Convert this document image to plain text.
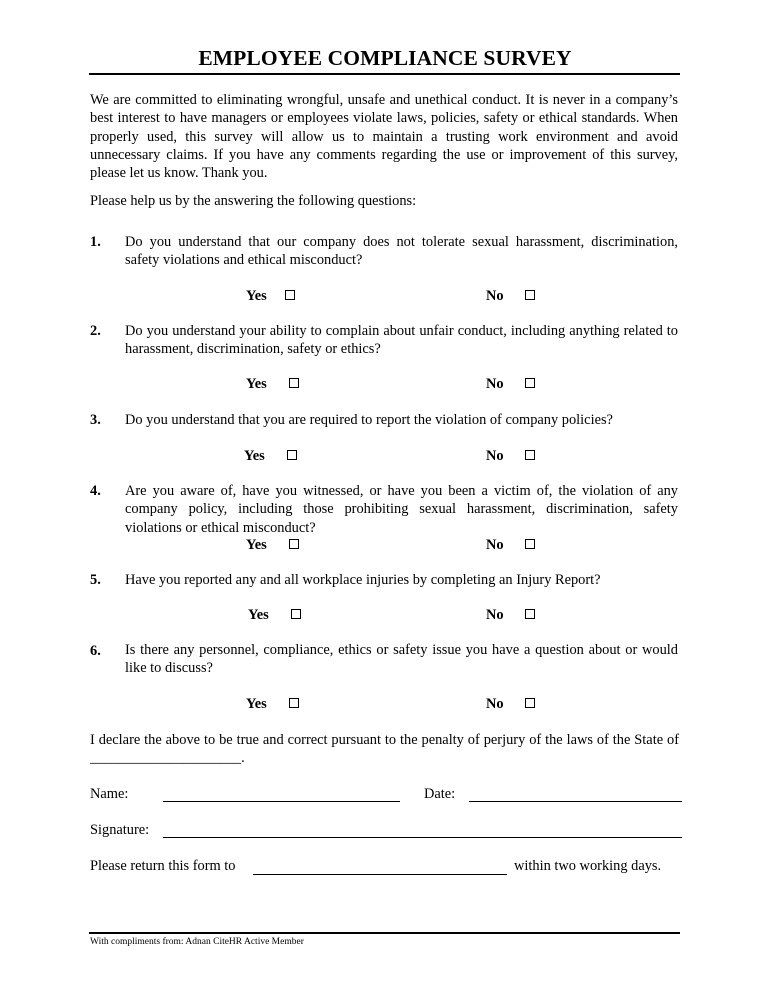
EMPLOYEE COMPLIANCE SURVEY
We are committed to eliminating wrongful, unsafe and unethical conduct. It is never in a company’s best interest to have managers or employees violate laws, policies, safety or ethical standards. When properly used, this survey will allow us to maintain a trusting work environment and avoid unnecessary claims. If you have any comments regarding the use or improvement of this survey, please let us know. Thank you.
Please help us by the answering the following questions:
1. Do you understand that our company does not tolerate sexual harassment, discrimination, safety violations and ethical misconduct?
Yes	No
2. Do you understand your ability to complain about unfair conduct, including anything related to harassment, discrimination, safety or ethics?
Yes	No
3. Do you understand that you are required to report the violation of company policies?
Yes	No
4. Are you aware of, have you witnessed, or have you been a victim of, the violation of any company policy, including those prohibiting sexual harassment, discrimination, safety violations or ethical misconduct?
Yes	No
5. Have you reported any and all workplace injuries by completing an Injury Report?
Yes	No
6. Is there any personnel, compliance, ethics or safety issue you have a question about or would like to discuss?
Yes	No
I declare the above to be true and correct pursuant to the penalty of perjury of the laws of the State of _____________________.
Name:	Date:
Signature:
Please return this form to	within two working days.
With compliments from: Adnan CiteHR Active Member
